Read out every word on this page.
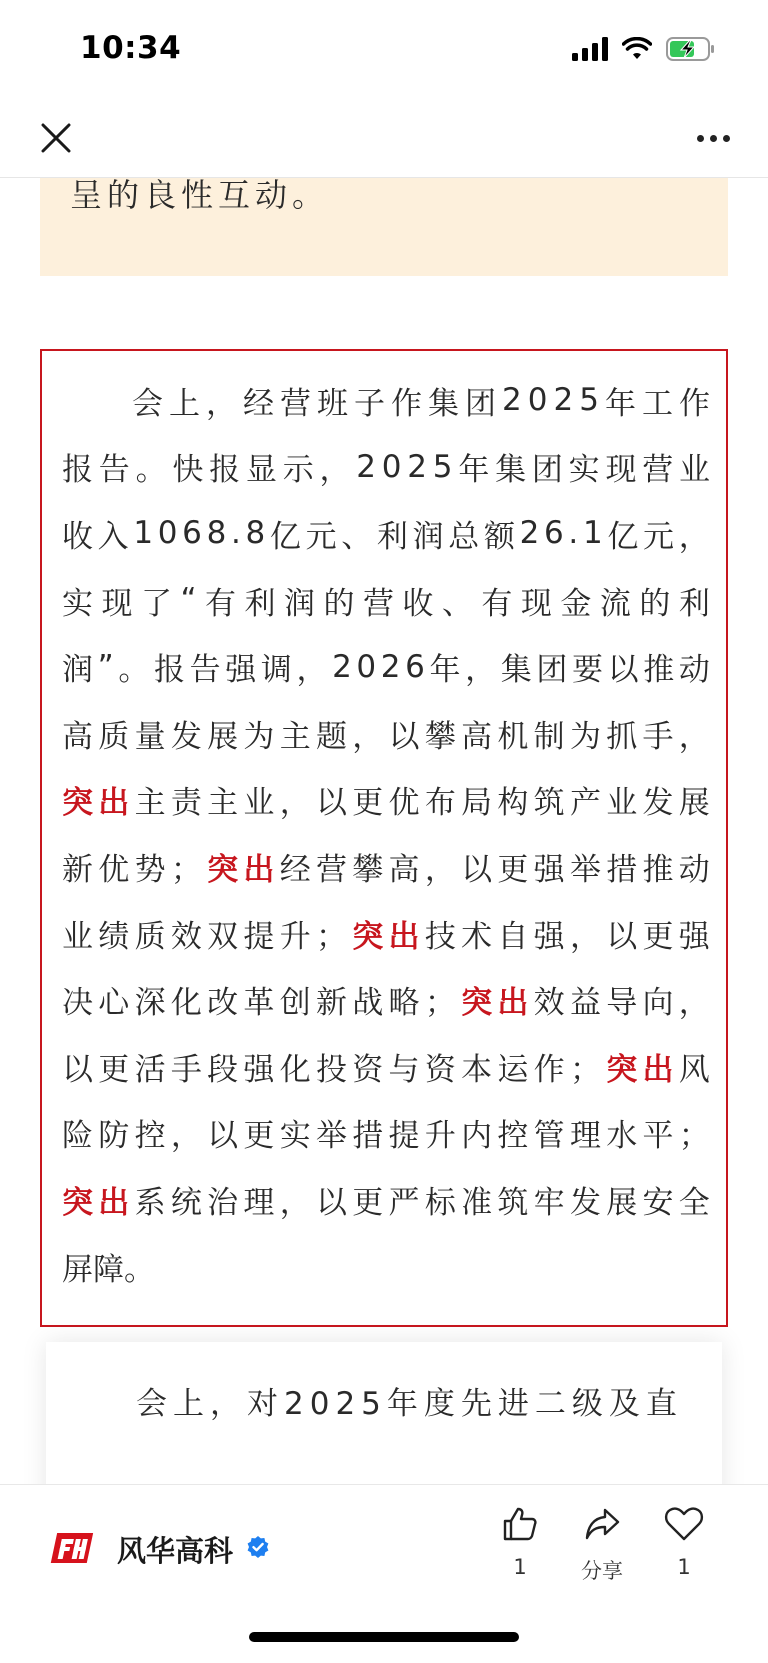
10:34
呈的良性互动。
会 上 ， 经 营 班 子 作 集 团 2 0 2 5 年 工 作
报 告 。 快 报 显 示 ， 2 0 2 5 年 集 团 实 现 营 业
收 入 1 0 6 8 . 8 亿 元 、 利 润 总 额 2 6 . 1 亿 元 ，
实 现 了 “ 有 利 润 的 营 收 、 有 现 金 流 的 利
润 ” 。 报 告 强 调 ， 2 0 2 6 年 ， 集 团 要 以 推 动
高 质 量 发 展 为 主 题 ， 以 攀 高 机 制 为 抓 手 ，
突 出 主 责 主 业 ， 以 更 优 布 局 构 筑 产 业 发 展
新 优 势 ； 突 出 经 营 攀 高 ， 以 更 强 举 措 推 动
业 绩 质 效 双 提 升 ； 突 出 技 术 自 强 ， 以 更 强
决 心 深 化 改 革 创 新 战 略 ； 突 出 效 益 导 向 ，
以 更 活 手 段 强 化 投 资 与 资 本 运 作 ； 突 出 风
险 防 控 ， 以 更 实 举 措 提 升 内 控 管 理 水 平 ；
突 出 系 统 治 理 ， 以 更 严 标 准 筑 牢 发 展 安 全
屏 障 。
会上，对2025年度先进二级及直
风华高科	1	分享	1
